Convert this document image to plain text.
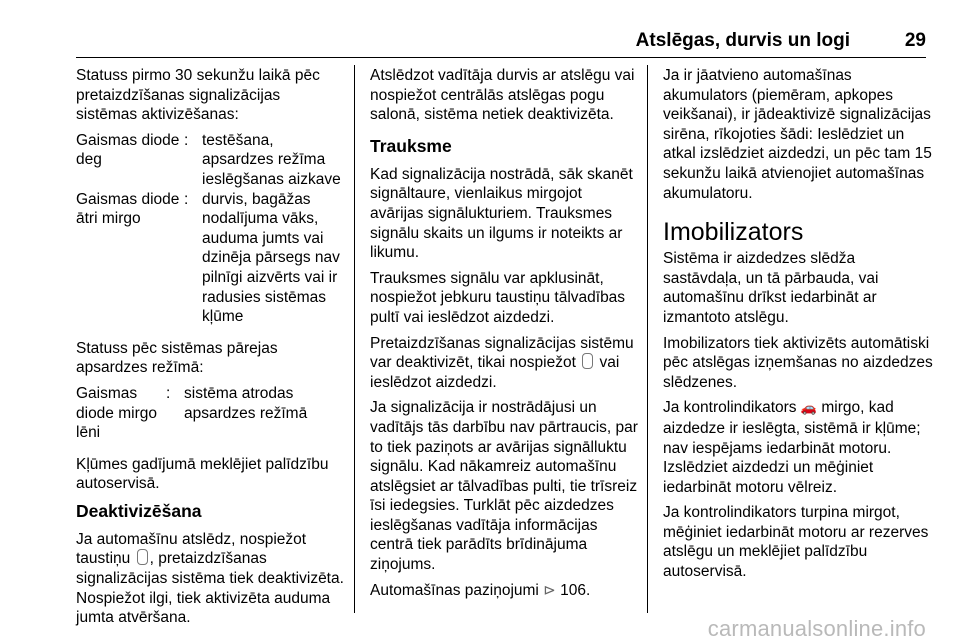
Atslēgas, durvis un logi	29

Statuss pirmo 30 sekunžu laikā pēc pretaizdzīšanas signalizācijas sistēmas aktivizēšanas:

Gaismas diode deg
: testēšana, apsardzes režīma ieslēgšanas aizkave
Gaismas diode ātri mirgo
: durvis, bagāžas nodalījuma vāks, auduma jumts vai dzinēja pārsegs nav pilnīgi aizvērts vai ir radusies sistēmas kļūme

Statuss pēc sistēmas pārejas apsardzes režīmā:

Gaismas diode mirgo lēni
: sistēma atrodas apsardzes režīmā

Kļūmes gadījumā meklējiet palīdzību autoservisā.

Deaktivizēšana

Ja automašīnu atslēdz, nospiežot taustiņu , pretaizdzīšanas signalizācijas sistēma tiek deaktivizēta. Nospiežot ilgi, tiek aktivizēta auduma jumta atvēršana.

Atslēdzot vadītāja durvis ar atslēgu vai nospiežot centrālās atslēgas pogu salonā, sistēma netiek deaktivizēta.

Trauksme

Kad signalizācija nostrādā, sāk skanēt signāltaure, vienlaikus mirgojot avārijas signālukturiem. Trauksmes signālu skaits un ilgums ir noteikts ar likumu.

Trauksmes signālu var apklusināt, nospiežot jebkuru taustiņu tālvadības pultī vai ieslēdzot aizdedzi.

Pretaizdzīšanas signalizācijas sistēmu var deaktivizēt, tikai nospiežot  vai ieslēdzot aizdedzi.

Ja signalizācija ir nostrādājusi un vadītājs tās darbību nav pārtraucis, par to tiek paziņots ar avārijas signālluktu signālu. Kad nākamreiz automašīnu atslēgsiet ar tālvadības pulti, tie trīsreiz īsi iedegsies. Turklāt pēc aizdedzes ieslēgšanas vadītāja informācijas centrā tiek parādīts brīdinājuma ziņojums.

Automašīnas paziņojumi ⊳ 106.

Ja ir jāatvieno automašīnas akumulators (piemēram, apkopes veikšanai), ir jādeaktivizē signalizācijas sirēna, rīkojoties šādi: Ieslēdziet un atkal izslēdziet aizdedzi, un pēc tam 15 sekunžu laikā atvienojiet automašīnas akumulatoru.

Imobilizators

Sistēma ir aizdedzes slēdža sastāvdaļa, un tā pārbauda, vai automašīnu drīkst iedarbināt ar izmantoto atslēgu.

Imobilizators tiek aktivizēts automātiski pēc atslēgas izņemšanas no aizdedzes slēdzenes.

Ja kontrolindikators 🚗 mirgo, kad aizdedze ir ieslēgta, sistēmā ir kļūme; nav iespējams iedarbināt motoru. Izslēdziet aizdedzi un mēģiniet iedarbināt motoru vēlreiz.

Ja kontrolindikators turpina mirgot, mēģiniet iedarbināt motoru ar rezerves atslēgu un meklējiet palīdzību autoservisā.

carmanualsonline.info
